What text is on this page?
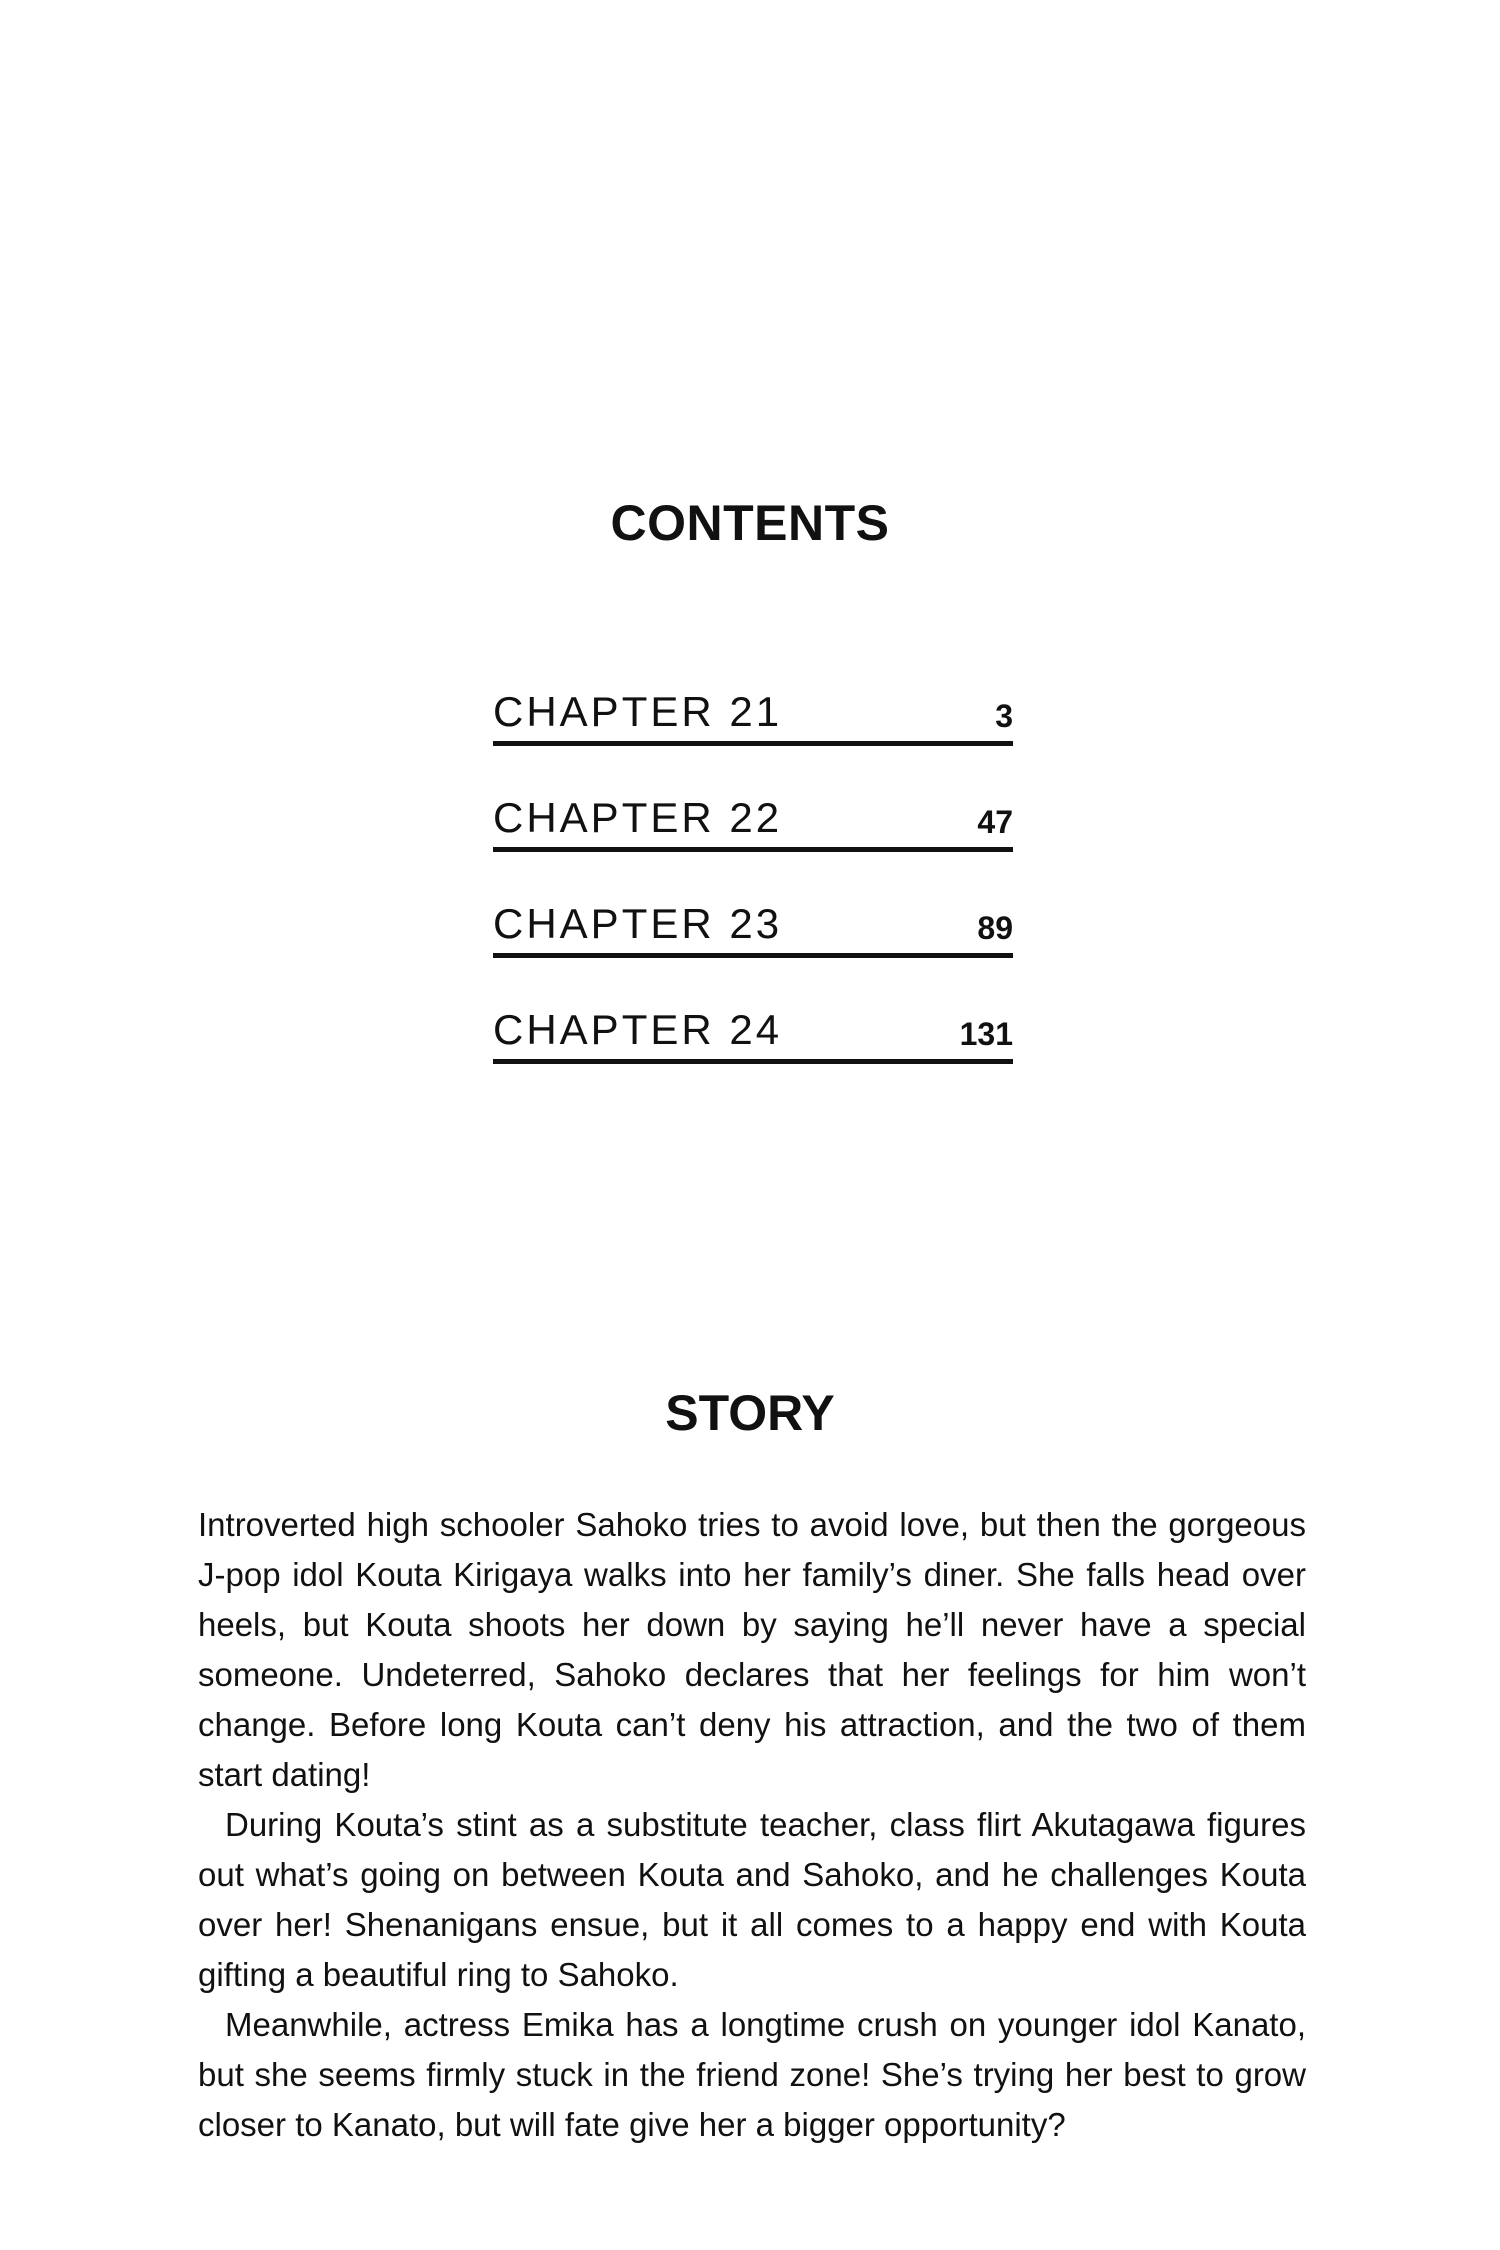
CONTENTS
CHAPTER 21	3
CHAPTER 22	47
CHAPTER 23	89
CHAPTER 24	131
STORY

Introverted high schooler Sahoko tries to avoid love, but then the gorgeous J-pop idol Kouta Kirigaya walks into her family’s diner. She falls head over heels, but Kouta shoots her down by saying he’ll never have a special someone. Undeterred, Sahoko declares that her feelings for him won’t change. Before long Kouta can’t deny his attraction, and the two of them start dating!

During Kouta’s stint as a substitute teacher, class flirt Akutagawa figures out what’s going on between Kouta and Sahoko, and he challenges Kouta over her! Shenanigans ensue, but it all comes to a happy end with Kouta gifting a beautiful ring to Sahoko.

Meanwhile, actress Emika has a longtime crush on younger idol Kanato, but she seems firmly stuck in the friend zone! She’s trying her best to grow closer to Kanato, but will fate give her a bigger opportunity?
